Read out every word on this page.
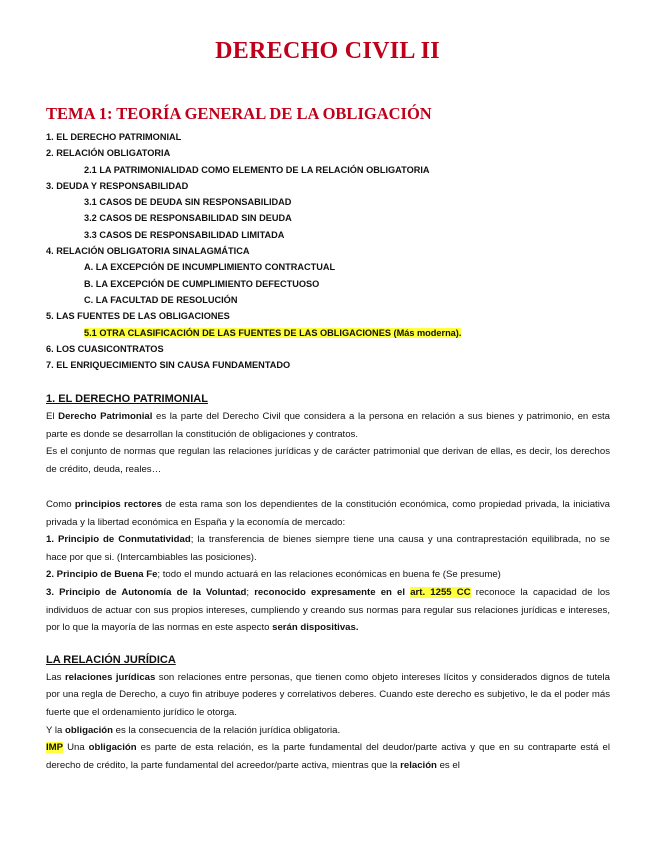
DERECHO CIVIL II
TEMA 1: TEORÍA GENERAL DE LA OBLIGACIÓN
1. EL DERECHO PATRIMONIAL
2. RELACIÓN OBLIGATORIA
2.1 LA PATRIMONIALIDAD COMO ELEMENTO DE LA RELACIÓN OBLIGATORIA
3. DEUDA Y RESPONSABILIDAD
3.1 CASOS DE DEUDA SIN RESPONSABILIDAD
3.2 CASOS DE RESPONSABILIDAD SIN DEUDA
3.3 CASOS DE RESPONSABILIDAD LIMITADA
4. RELACIÓN OBLIGATORIA SINALAGMÁTICA
A. LA EXCEPCIÓN DE INCUMPLIMIENTO CONTRACTUAL
B. LA EXCEPCIÓN DE CUMPLIMIENTO DEFECTUOSO
C. LA FACULTAD DE RESOLUCIÓN
5. LAS FUENTES DE LAS OBLIGACIONES
5.1 OTRA CLASIFICACIÓN DE LAS FUENTES DE LAS OBLIGACIONES (Más moderna).
6. LOS CUASICONTRATOS
7. EL ENRIQUECIMIENTO SIN CAUSA FUNDAMENTADO
1. EL DERECHO PATRIMONIAL

El Derecho Patrimonial es la parte del Derecho Civil que considera a la persona en relación a sus bienes y patrimonio, en esta parte es donde se desarrollan la constitución de obligaciones y contratos.

Es el conjunto de normas que regulan las relaciones jurídicas y de carácter patrimonial que derivan de ellas, es decir, los derechos de crédito, deuda, reales…

Como principios rectores de esta rama son los dependientes de la constitución económica, como propiedad privada, la iniciativa privada y la libertad económica en España y la economía de mercado:

1. Principio de Conmutatividad; la transferencia de bienes siempre tiene una causa y una contraprestación equilibrada, no se hace por que si. (Intercambiables las posiciones).

2. Principio de Buena Fe; todo el mundo actuará en las relaciones económicas en buena fe (Se presume)

3. Principio de Autonomía de la Voluntad; reconocido expresamente en el art. 1255 CC reconoce la capacidad de los individuos de actuar con sus propios intereses, cumpliendo y creando sus normas para regular sus relaciones jurídicas e intereses, por lo que la mayoría de las normas en este aspecto serán dispositivas.

LA RELACIÓN JURÍDICA

Las relaciones jurídicas son relaciones entre personas, que tienen como objeto intereses lícitos y considerados dignos de tutela por una regla de Derecho, a cuyo fin atribuye poderes y correlativos deberes. Cuando este derecho es subjetivo, le da el poder más fuerte que el ordenamiento jurídico le otorga.

Y la obligación es la consecuencia de la relación jurídica obligatoria.

IMP Una obligación es parte de esta relación, es la parte fundamental del deudor/parte activa y que en su contraparte está el derecho de crédito, la parte fundamental del acreedor/parte activa, mientras que la relación es el
